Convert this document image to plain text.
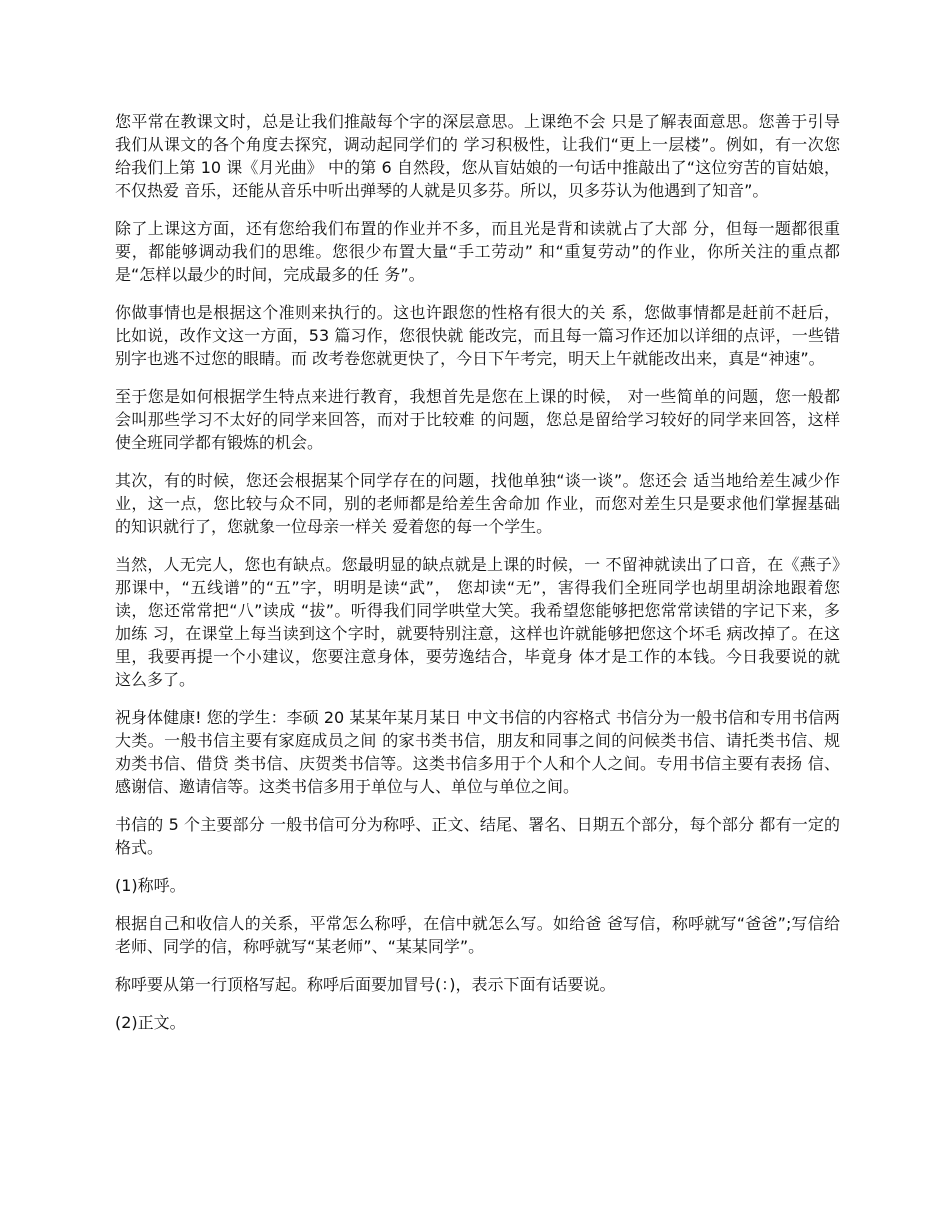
您平常在教课文时，总是让我们推敲每个字的深层意思。上课绝不会 只是了解表面意思。您善于引导我们从课文的各个角度去探究，调动起同学们的 学习积极性，让我们“更上一层楼”。例如，有一次您给我们上第 10 课《月光曲》 中的第 6 自然段，您从盲姑娘的一句话中推敲出了“这位穷苦的盲姑娘，不仅热爱 音乐，还能从音乐中听出弹琴的人就是贝多芬。所以，贝多芬认为他遇到了知音”。

除了上课这方面，还有您给我们布置的作业并不多，而且光是背和读就占了大部 分，但每一题都很重要，都能够调动我们的思维。您很少布置大量“手工劳动” 和“重复劳动”的作业，你所关注的重点都是“怎样以最少的时间，完成最多的任 务”。

你做事情也是根据这个准则来执行的。这也许跟您的性格有很大的关 系，您做事情都是赶前不赶后，比如说，改作文这一方面，53 篇习作，您很快就 能改完，而且每一篇习作还加以详细的点评，一些错别字也逃不过您的眼睛。而 改考卷您就更快了，今日下午考完，明天上午就能改出来，真是“神速”。

至于您是如何根据学生特点来进行教育，我想首先是您在上课的时候， 对一些简单的问题，您一般都会叫那些学习不太好的同学来回答，而对于比较难 的问题，您总是留给学习较好的同学来回答，这样使全班同学都有锻炼的机会。

其次，有的时候，您还会根据某个同学存在的问题，找他单独“谈一谈”。您还会 适当地给差生减少作业，这一点，您比较与众不同，别的老师都是给差生舍命加 作业，而您对差生只是要求他们掌握基础的知识就行了，您就象一位母亲一样关 爱着您的每一个学生。

当然，人无完人，您也有缺点。您最明显的缺点就是上课的时候，一 不留神就读出了口音，在《燕子》那课中，“五线谱”的“五”字，明明是读“武”， 您却读“无”，害得我们全班同学也胡里胡涂地跟着您读，您还常常把“八”读成 “拔”。听得我们同学哄堂大笑。我希望您能够把您常常读错的字记下来，多加练 习，在课堂上每当读到这个字时，就要特别注意，这样也许就能够把您这个坏毛 病改掉了。在这里，我要再提一个小建议，您要注意身体，要劳逸结合，毕竟身 体才是工作的本钱。今日我要说的就这么多了。

祝身体健康! 您的学生：李硕 20 某某年某月某日 中文书信的内容格式 书信分为一般书信和专用书信两大类。一般书信主要有家庭成员之间 的家书类书信，朋友和同事之间的问候类书信、请托类书信、规劝类书信、借贷 类书信、庆贺类书信等。这类书信多用于个人和个人之间。专用书信主要有表扬 信、感谢信、邀请信等。这类书信多用于单位与人、单位与单位之间。

书信的 5 个主要部分 一般书信可分为称呼、正文、结尾、署名、日期五个部分，每个部分 都有一定的格式。

(1)称呼。

根据自己和收信人的关系，平常怎么称呼，在信中就怎么写。如给爸 爸写信，称呼就写“爸爸”;写信给老师、同学的信，称呼就写“某老师”、“某某同学”。

称呼要从第一行顶格写起。称呼后面要加冒号(：)，表示下面有话要说。

(2)正文。
